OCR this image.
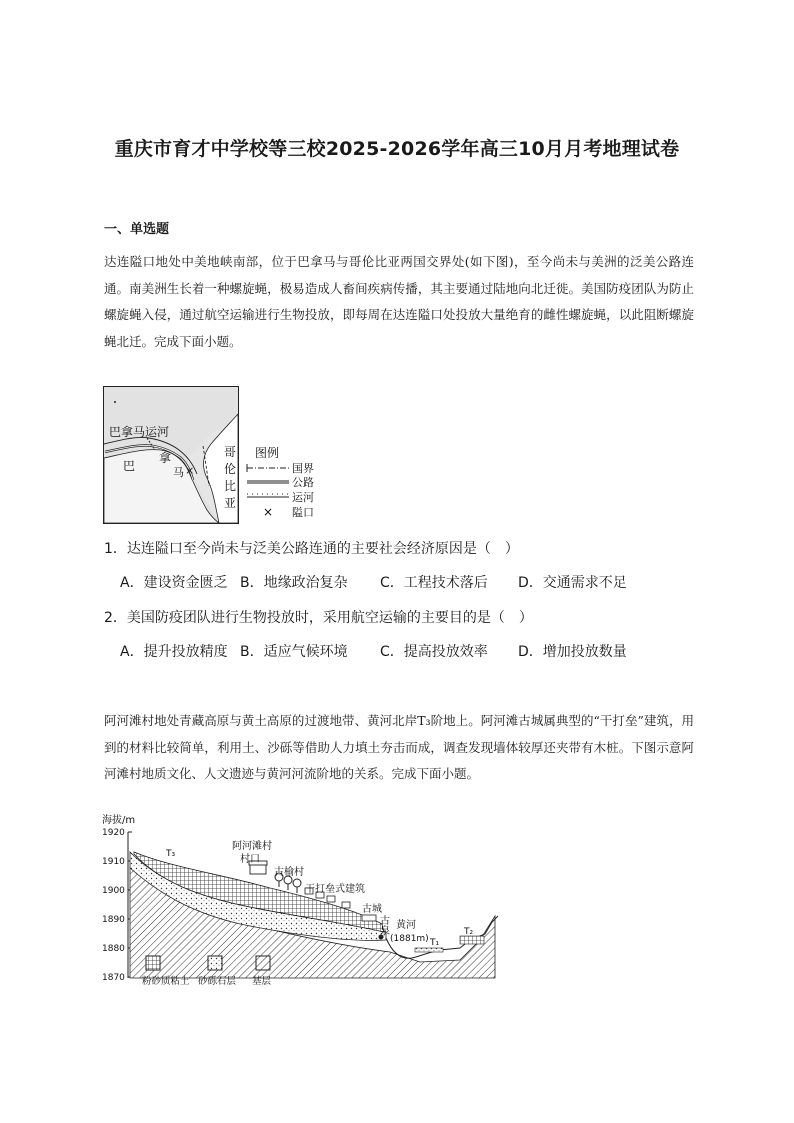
重庆市育才中学校等三校2025-2026学年高三10月月考地理试卷
一、单选题
达连隘口地处中美地峡南部，位于巴拿马与哥伦比亚两国交界处(如下图)，至今尚未与美洲的泛美公路连通。南美洲生长着一种螺旋蝇，极易造成人畜间疾病传播，其主要通过陆地向北迁徙。美国防疫团队为防止螺旋蝇入侵，通过航空运输进行生物投放，即每周在达连隘口处投放大量绝育的雌性螺旋蝇，以此阻断螺旋蝇北迁。完成下面小题。
×
巴拿马运河
巴
拿
马
哥
伦
比
亚
图例
国界
公路
运河
× 隘口
1．达连隘口至今尚未与泛美公路连通的主要社会经济原因是（　）
A．建设资金匮乏 B．地缘政治复杂	C．工程技术落后	D．交通需求不足
2．美国防疫团队进行生物投放时，采用航空运输的主要目的是（　）
A．提升投放精度 B．适应气候环境	C．提高投放效率	D．增加投放数量
阿河滩村地处青藏高原与黄土高原的过渡地带、黄河北岸T₃阶地上。阿河滩古城属典型的“干打垒”建筑，用到的材料比较简单，利用土、沙砾等借助人力填土夯击而成，调查发现墙体较厚还夹带有木桩。下图示意阿河滩村地质文化、人文遗迹与黄河河流阶地的关系。完成下面小题。
海拔/m
1920
1910
1900
1890
1880
1870
T₃
阿河滩村
村口
古榆村
干打垒式建筑
古城
古
泉
黄河
(1881m) T₁
T₂
粉砂质粘土 砂砾石层 基层
